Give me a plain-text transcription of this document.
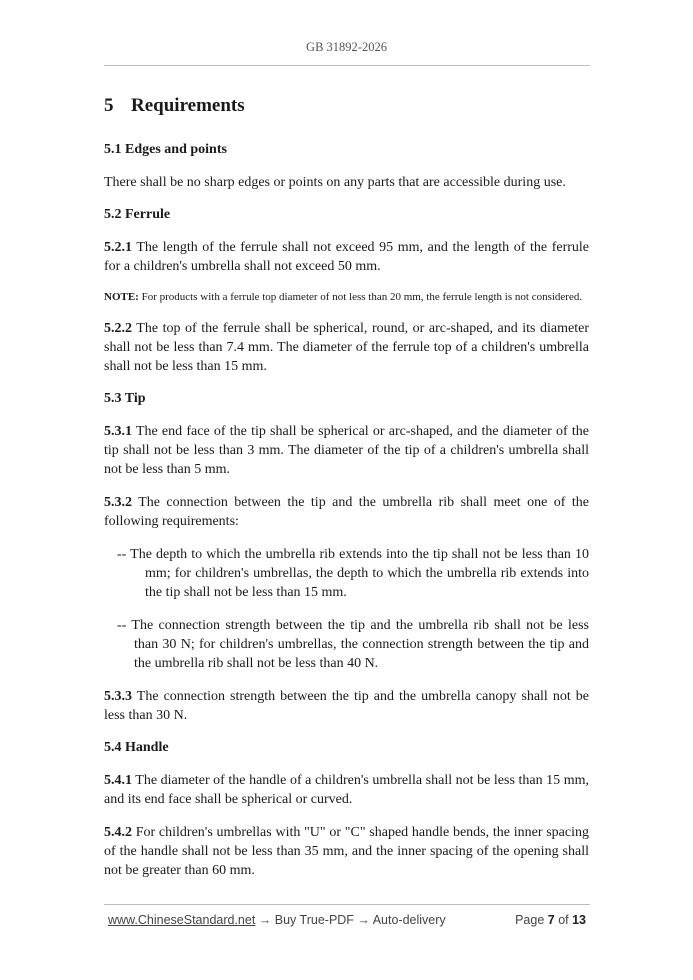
GB 31892-2026
5 Requirements
5.1 Edges and points

There shall be no sharp edges or points on any parts that are accessible during use.

5.2 Ferrule

5.2.1 The length of the ferrule shall not exceed 95 mm, and the length of the ferrule for a children's umbrella shall not exceed 50 mm.

NOTE: For products with a ferrule top diameter of not less than 20 mm, the ferrule length is not considered.

5.2.2 The top of the ferrule shall be spherical, round, or arc-shaped, and its diameter shall not be less than 7.4 mm. The diameter of the ferrule top of a children's umbrella shall not be less than 15 mm.

5.3 Tip

5.3.1 The end face of the tip shall be spherical or arc-shaped, and the diameter of the tip shall not be less than 3 mm. The diameter of the tip of a children's umbrella shall not be less than 5 mm.

5.3.2 The connection between the tip and the umbrella rib shall meet one of the following requirements:

-- The depth to which the umbrella rib extends into the tip shall not be less than 10 mm; for children's umbrellas, the depth to which the umbrella rib extends into the tip shall not be less than 15 mm.

-- The connection strength between the tip and the umbrella rib shall not be less than 30 N; for children's umbrellas, the connection strength between the tip and the umbrella rib shall not be less than 40 N.

5.3.3 The connection strength between the tip and the umbrella canopy shall not be less than 30 N.

5.4 Handle

5.4.1 The diameter of the handle of a children's umbrella shall not be less than 15 mm, and its end face shall be spherical or curved.

5.4.2 For children's umbrellas with "U" or "C" shaped handle bends, the inner spacing of the handle shall not be less than 35 mm, and the inner spacing of the opening shall not be greater than 60 mm.

www.ChineseStandard.net → Buy True-PDF → Auto-delivery	Page 7 of 13
